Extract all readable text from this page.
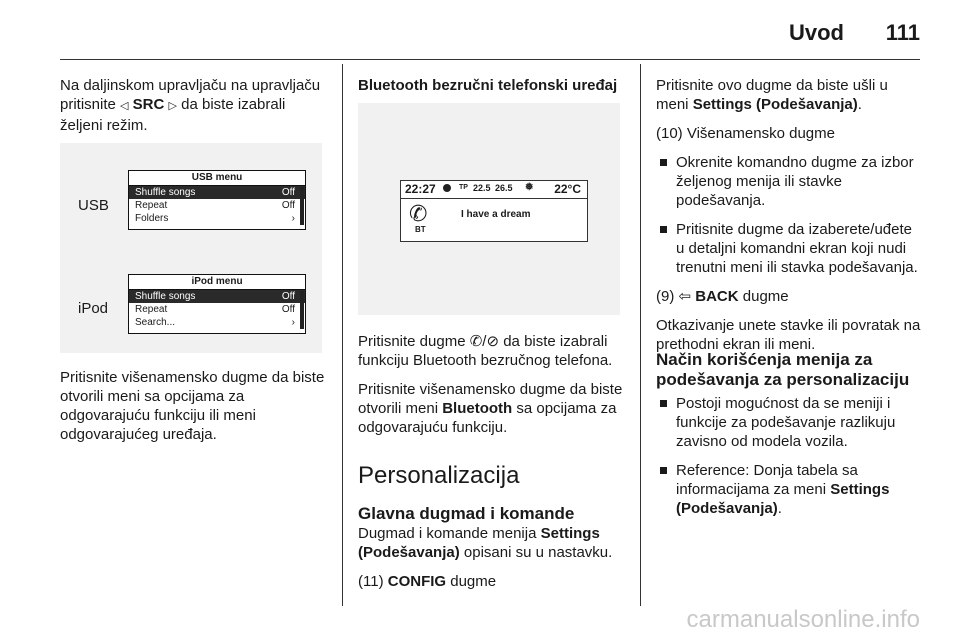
Uvod 111

Na daljinskom upravljaču na upravljaču pritisnite ◁ SRC ▷ da biste izabrali željeni režim.

USB
USB menu
Shuffle songs	Off
Repeat	Off
Folders	›
iPod
iPod menu
Shuffle songs	Off
Repeat	Off
Search...	›

Pritisnite višenamensko dugme da biste otvorili meni sa opcijama za odgovarajuću funkciju ili meni odgovarajućeg uređaja.

Bluetooth bezručni telefonski uređaj
22:27	TP 22.5 26.5 ❅ 22°C
✆
BT
I have a dream

Pritisnite dugme ✆/⊘ da biste izabrali funkciju Bluetooth bezručnog telefona.

Pritisnite višenamensko dugme da biste otvorili meni Bluetooth sa opcijama za odgovarajuću funkciju.

Personalizacija
Glavna dugmad i komande

Dugmad i komande menija Settings (Podešavanja) opisani su u nastavku.

(11) CONFIG dugme

Pritisnite ovo dugme da biste ušli u meni Settings (Podešavanja).

(10) Višenamensko dugme

Okrenite komandno dugme za izbor željenog menija ili stavke podešavanja.
Pritisnite dugme da izaberete/uđete u detaljni komandni ekran koji nudi trenutni meni ili stavka podešavanja.

(9) ⇦ BACK dugme

Otkazivanje unete stavke ili povratak na prethodni ekran ili meni.

Način korišćenja menija za podešavanja za personalizaciju
Postoji mogućnost da se meniji i funkcije za podešavanje razlikuju zavisno od modela vozila.
Reference: Donja tabela sa informacijama za meni Settings (Podešavanja).
carmanualsonline.info
